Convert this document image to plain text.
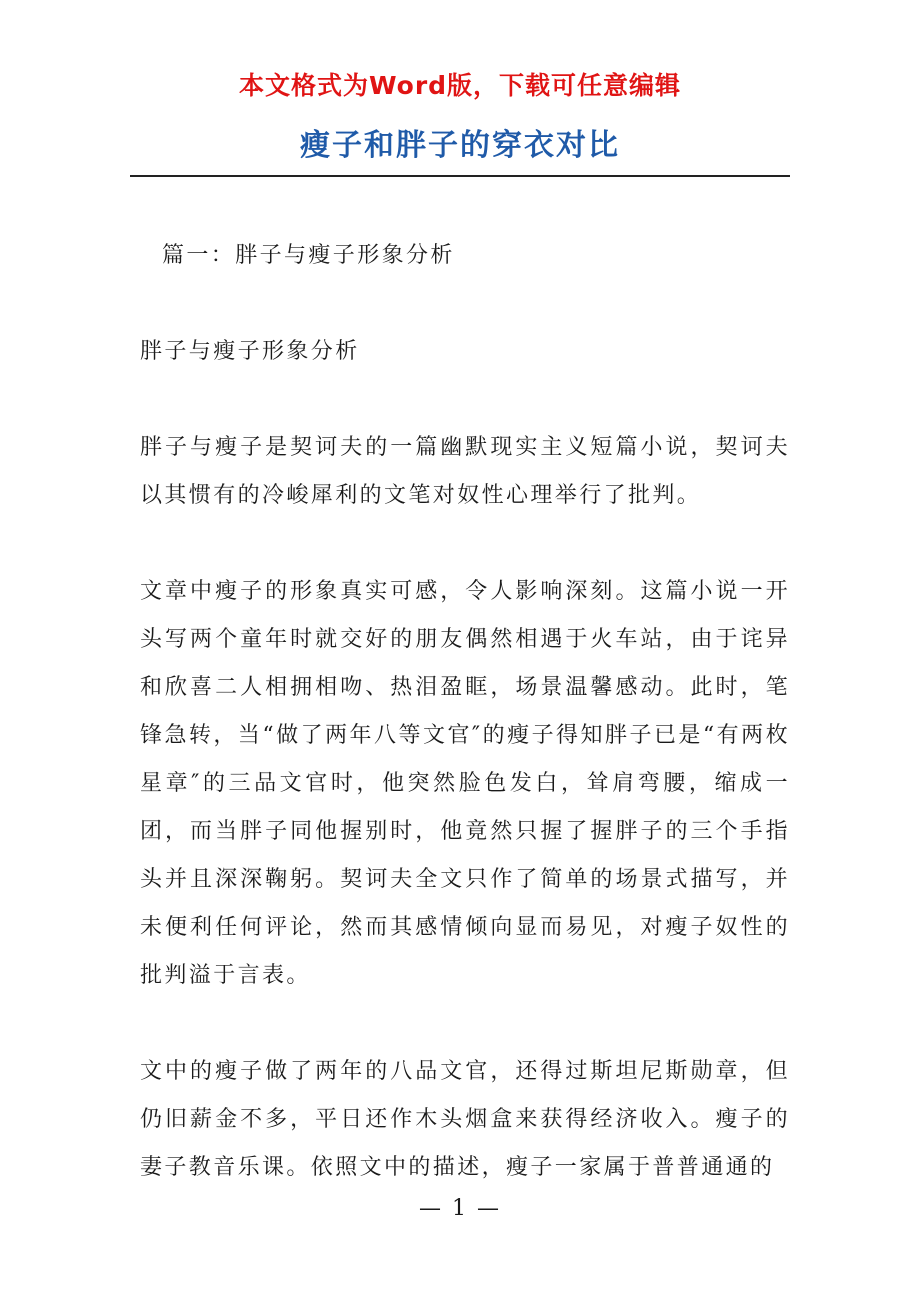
本文格式为Word版，下载可任意编辑
瘦子和胖子的穿衣对比

篇一：胖子与瘦子形象分析

胖子与瘦子形象分析

胖子与瘦子是契诃夫的一篇幽默现实主义短篇小说，契诃夫以其惯有的冷峻犀利的文笔对奴性心理举行了批判。

文章中瘦子的形象真实可感，令人影响深刻。这篇小说一开头写两个童年时就交好的朋友偶然相遇于火车站，由于诧异和欣喜二人相拥相吻、热泪盈眶，场景温馨感动。此时，笔锋急转，当“做了两年八等文官″的瘦子得知胖子已是“有两枚星章″的三品文官时，他突然脸色发白，耸肩弯腰，缩成一团，而当胖子同他握别时，他竟然只握了握胖子的三个手指头并且深深鞠躬。契诃夫全文只作了简单的场景式描写，并未便利任何评论，然而其感情倾向显而易见，对瘦子奴性的批判溢于言表。

文中的瘦子做了两年的八品文官，还得过斯坦尼斯勋章，但仍旧薪金不多，平日还作木头烟盒来获得经济收入。瘦子的妻子教音乐课。依照文中的描述，瘦子一家属于普普通通的

— 1 —
